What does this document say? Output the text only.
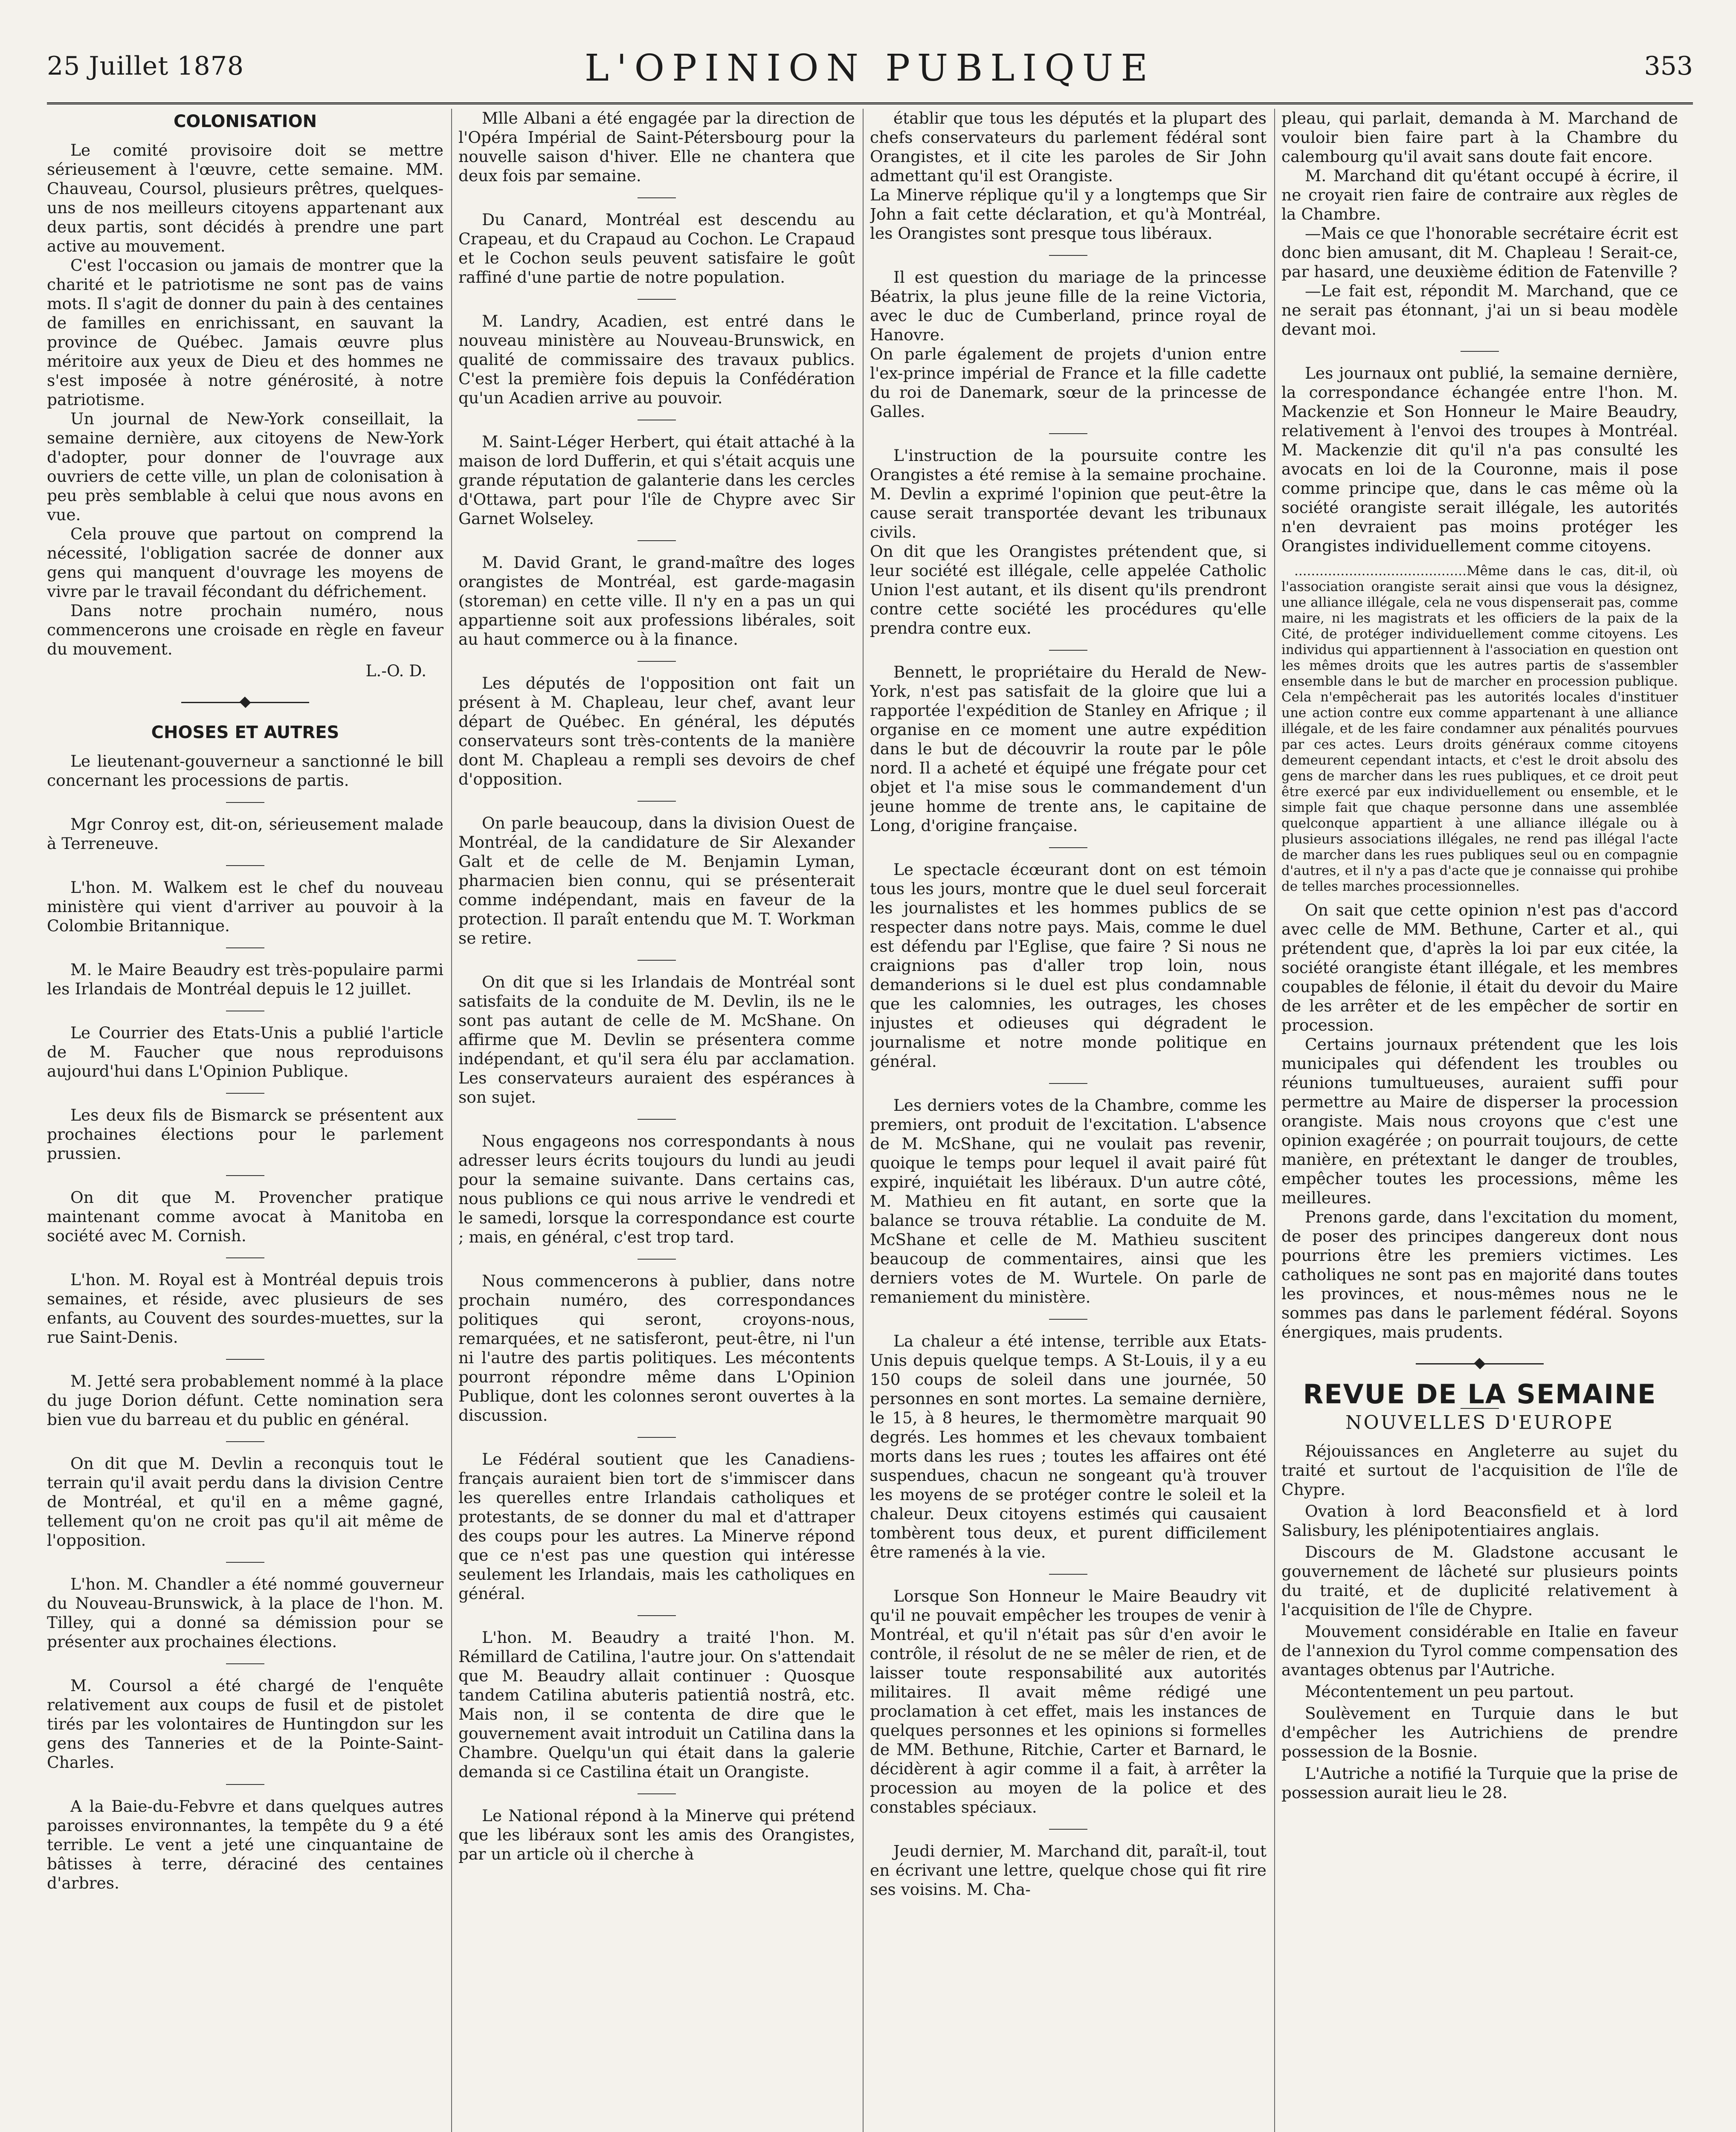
25 Juillet 1878	L'OPINION PUBLIQUE	353
COLONISATION

Le comité provisoire doit se mettre sérieusement à l'œuvre, cette semaine. MM. Chauveau, Coursol, plusieurs prêtres, quelques-uns de nos meilleurs citoyens appartenant aux deux partis, sont décidés à prendre une part active au mouvement.

C'est l'occasion ou jamais de montrer que la charité et le patriotisme ne sont pas de vains mots. Il s'agit de donner du pain à des centaines de familles en enrichissant, en sauvant la province de Québec. Jamais œuvre plus méritoire aux yeux de Dieu et des hommes ne s'est imposée à notre générosité, à notre patriotisme.

Un journal de New-York conseillait, la semaine dernière, aux citoyens de New-York d'adopter, pour donner de l'ouvrage aux ouvriers de cette ville, un plan de colonisation à peu près semblable à celui que nous avons en vue.

Cela prouve que partout on comprend la nécessité, l'obligation sacrée de donner aux gens qui manquent d'ouvrage les moyens de vivre par le travail fécondant du défrichement.

Dans notre prochain numéro, nous commencerons une croisade en règle en faveur du mouvement.

L.-O. D.
CHOSES ET AUTRES

Le lieutenant-gouverneur a sanctionné le bill concernant les processions de partis.

Mgr Conroy est, dit-on, sérieusement malade à Terreneuve.

L'hon. M. Walkem est le chef du nouveau ministère qui vient d'arriver au pouvoir à la Colombie Britannique.

M. le Maire Beaudry est très-populaire parmi les Irlandais de Montréal depuis le 12 juillet.

Le Courrier des Etats-Unis a publié l'article de M. Faucher que nous reproduisons aujourd'hui dans L'Opinion Publique.

Les deux fils de Bismarck se présentent aux prochaines élections pour le parlement prussien.

On dit que M. Provencher pratique maintenant comme avocat à Manitoba en société avec M. Cornish.

L'hon. M. Royal est à Montréal depuis trois semaines, et réside, avec plusieurs de ses enfants, au Couvent des sourdes-muettes, sur la rue Saint-Denis.

M. Jetté sera probablement nommé à la place du juge Dorion défunt. Cette nomination sera bien vue du barreau et du public en général.

On dit que M. Devlin a reconquis tout le terrain qu'il avait perdu dans la division Centre de Montréal, et qu'il en a même gagné, tellement qu'on ne croit pas qu'il ait même de l'opposition.

L'hon. M. Chandler a été nommé gouverneur du Nouveau-Brunswick, à la place de l'hon. M. Tilley, qui a donné sa démission pour se présenter aux prochaines élections.

M. Coursol a été chargé de l'enquête relativement aux coups de fusil et de pistolet tirés par les volontaires de Huntingdon sur les gens des Tanneries et de la Pointe-Saint-Charles.

A la Baie-du-Febvre et dans quelques autres paroisses environnantes, la tempête du 9 a été terrible. Le vent a jeté une cinquantaine de bâtisses à terre, déraciné des centaines d'arbres.

Mlle Albani a été engagée par la direction de l'Opéra Impérial de Saint-Pétersbourg pour la nouvelle saison d'hiver. Elle ne chantera que deux fois par semaine.

Du Canard, Montréal est descendu au Crapeau, et du Crapaud au Cochon. Le Crapaud et le Cochon seuls peuvent satisfaire le goût raffiné d'une partie de notre population.

M. Landry, Acadien, est entré dans le nouveau ministère au Nouveau-Brunswick, en qualité de commissaire des travaux publics. C'est la première fois depuis la Confédération qu'un Acadien arrive au pouvoir.

M. Saint-Léger Herbert, qui était attaché à la maison de lord Dufferin, et qui s'était acquis une grande réputation de galanterie dans les cercles d'Ottawa, part pour l'île de Chypre avec Sir Garnet Wolseley.

M. David Grant, le grand-maître des loges orangistes de Montréal, est garde-magasin (storeman) en cette ville. Il n'y en a pas un qui appartienne soit aux professions libérales, soit au haut commerce ou à la finance.

Les députés de l'opposition ont fait un présent à M. Chapleau, leur chef, avant leur départ de Québec. En général, les députés conservateurs sont très-contents de la manière dont M. Chapleau a rempli ses devoirs de chef d'opposition.

On parle beaucoup, dans la division Ouest de Montréal, de la candidature de Sir Alexander Galt et de celle de M. Benjamin Lyman, pharmacien bien connu, qui se présenterait comme indépendant, mais en faveur de la protection. Il paraît entendu que M. T. Workman se retire.

On dit que si les Irlandais de Montréal sont satisfaits de la conduite de M. Devlin, ils ne le sont pas autant de celle de M. McShane. On affirme que M. Devlin se présentera comme indépendant, et qu'il sera élu par acclamation. Les conservateurs auraient des espérances à son sujet.

Nous engageons nos correspondants à nous adresser leurs écrits toujours du lundi au jeudi pour la semaine suivante. Dans certains cas, nous publions ce qui nous arrive le vendredi et le samedi, lorsque la correspondance est courte ; mais, en général, c'est trop tard.

Nous commencerons à publier, dans notre prochain numéro, des correspondances politiques qui seront, croyons-nous, remarquées, et ne satisferont, peut-être, ni l'un ni l'autre des partis politiques. Les mécontents pourront répondre même dans L'Opinion Publique, dont les colonnes seront ouvertes à la discussion.

Le Fédéral soutient que les Canadiens-français auraient bien tort de s'immiscer dans les querelles entre Irlandais catholiques et protestants, de se donner du mal et d'attraper des coups pour les autres. La Minerve répond que ce n'est pas une question qui intéresse seulement les Irlandais, mais les catholiques en général.

L'hon. M. Beaudry a traité l'hon. M. Rémillard de Catilina, l'autre jour. On s'attendait que M. Beaudry allait continuer : Quosque tandem Catilina abuteris patientiâ nostrâ, etc. Mais non, il se contenta de dire que le gouvernement avait introduit un Catilina dans la Chambre. Quelqu'un qui était dans la galerie demanda si ce Castilina était un Orangiste.

Le National répond à la Minerve qui prétend que les libéraux sont les amis des Orangistes, par un article où il cherche à

établir que tous les députés et la plupart des chefs conservateurs du parlement fédéral sont Orangistes, et il cite les paroles de Sir John admettant qu'il est Orangiste.
La Minerve réplique qu'il y a longtemps que Sir John a fait cette déclaration, et qu'à Montréal, les Orangistes sont presque tous libéraux.

Il est question du mariage de la princesse Béatrix, la plus jeune fille de la reine Victoria, avec le duc de Cumberland, prince royal de Hanovre.
On parle également de projets d'union entre l'ex-prince impérial de France et la fille cadette du roi de Danemark, sœur de la princesse de Galles.

L'instruction de la poursuite contre les Orangistes a été remise à la semaine prochaine. M. Devlin a exprimé l'opinion que peut-être la cause serait transportée devant les tribunaux civils.
On dit que les Orangistes prétendent que, si leur société est illégale, celle appelée Catholic Union l'est autant, et ils disent qu'ils prendront contre cette société les procédures qu'elle prendra contre eux.

Bennett, le propriétaire du Herald de New-York, n'est pas satisfait de la gloire que lui a rapportée l'expédition de Stanley en Afrique ; il organise en ce moment une autre expédition dans le but de découvrir la route par le pôle nord. Il a acheté et équipé une frégate pour cet objet et l'a mise sous le commandement d'un jeune homme de trente ans, le capitaine de Long, d'origine française.

Le spectacle écœurant dont on est témoin tous les jours, montre que le duel seul forcerait les journalistes et les hommes publics de se respecter dans notre pays. Mais, comme le duel est défendu par l'Eglise, que faire ? Si nous ne craignions pas d'aller trop loin, nous demanderions si le duel est plus condamnable que les calomnies, les outrages, les choses injustes et odieuses qui dégradent le journalisme et notre monde politique en général.

Les derniers votes de la Chambre, comme les premiers, ont produit de l'excitation. L'absence de M. McShane, qui ne voulait pas revenir, quoique le temps pour lequel il avait pairé fût expiré, inquiétait les libéraux. D'un autre côté, M. Mathieu en fit autant, en sorte que la balance se trouva rétablie. La conduite de M. McShane et celle de M. Mathieu suscitent beaucoup de commentaires, ainsi que les derniers votes de M. Wurtele. On parle de remaniement du ministère.

La chaleur a été intense, terrible aux Etats-Unis depuis quelque temps. A St-Louis, il y a eu 150 coups de soleil dans une journée, 50 personnes en sont mortes. La semaine dernière, le 15, à 8 heures, le thermomètre marquait 90 degrés. Les hommes et les chevaux tombaient morts dans les rues ; toutes les affaires ont été suspendues, chacun ne songeant qu'à trouver les moyens de se protéger contre le soleil et la chaleur. Deux citoyens estimés qui causaient tombèrent tous deux, et purent difficilement être ramenés à la vie.

Lorsque Son Honneur le Maire Beaudry vit qu'il ne pouvait empêcher les troupes de venir à Montréal, et qu'il n'était pas sûr d'en avoir le contrôle, il résolut de ne se mêler de rien, et de laisser toute responsabilité aux autorités militaires. Il avait même rédigé une proclamation à cet effet, mais les instances de quelques personnes et les opinions si formelles de MM. Bethune, Ritchie, Carter et Barnard, le décidèrent à agir comme il a fait, à arrêter la procession au moyen de la police et des constables spéciaux.

Jeudi dernier, M. Marchand dit, paraît-il, tout en écrivant une lettre, quelque chose qui fit rire ses voisins. M. Cha-

pleau, qui parlait, demanda à M. Marchand de vouloir bien faire part à la Chambre du calembourg qu'il avait sans doute fait encore.

M. Marchand dit qu'étant occupé à écrire, il ne croyait rien faire de contraire aux règles de la Chambre.

—Mais ce que l'honorable secrétaire écrit est donc bien amusant, dit M. Chapleau ! Serait-ce, par hasard, une deuxième édition de Fatenville ?

—Le fait est, répondit M. Marchand, que ce ne serait pas étonnant, j'ai un si beau modèle devant moi.

Les journaux ont publié, la semaine dernière, la correspondance échangée entre l'hon. M. Mackenzie et Son Honneur le Maire Beaudry, relativement à l'envoi des troupes à Montréal. M. Mackenzie dit qu'il n'a pas consulté les avocats en loi de la Couronne, mais il pose comme principe que, dans le cas même où la société orangiste serait illégale, les autorités n'en devraient pas moins protéger les Orangistes individuellement comme citoyens.

.........................................Même dans le cas, dit-il, où l'association orangiste serait ainsi que vous la désignez, une alliance illégale, cela ne vous dispenserait pas, comme maire, ni les magistrats et les officiers de la paix de la Cité, de protéger individuellement comme citoyens. Les individus qui appartiennent à l'association en question ont les mêmes droits que les autres partis de s'assembler ensemble dans le but de marcher en procession publique. Cela n'empêcherait pas les autorités locales d'instituer une action contre eux comme appartenant à une alliance illégale, et de les faire condamner aux pénalités pourvues par ces actes. Leurs droits généraux comme citoyens demeurent cependant intacts, et c'est le droit absolu des gens de marcher dans les rues publiques, et ce droit peut être exercé par eux individuellement ou ensemble, et le simple fait que chaque personne dans une assemblée quelconque appartient à une alliance illégale ou à plusieurs associations illégales, ne rend pas illégal l'acte de marcher dans les rues publiques seul ou en compagnie d'autres, et il n'y a pas d'acte que je connaisse qui prohibe de telles marches processionnelles.

On sait que cette opinion n'est pas d'accord avec celle de MM. Bethune, Carter et al., qui prétendent que, d'après la loi par eux citée, la société orangiste étant illégale, et les membres coupables de félonie, il était du devoir du Maire de les arrêter et de les empêcher de sortir en procession.

Certains journaux prétendent que les lois municipales qui défendent les troubles ou réunions tumultueuses, auraient suffi pour permettre au Maire de disperser la procession orangiste. Mais nous croyons que c'est une opinion exagérée ; on pourrait toujours, de cette manière, en prétextant le danger de troubles, empêcher toutes les processions, même les meilleures.

Prenons garde, dans l'excitation du moment, de poser des principes dangereux dont nous pourrions être les premiers victimes. Les catholiques ne sont pas en majorité dans toutes les provinces, et nous-mêmes nous ne le sommes pas dans le parlement fédéral. Soyons énergiques, mais prudents.

REVUE DE LA SEMAINE
NOUVELLES D'EUROPE

Réjouissances en Angleterre au sujet du traité et surtout de l'acquisition de l'île de Chypre.

Ovation à lord Beaconsfield et à lord Salisbury, les plénipotentiaires anglais.

Discours de M. Gladstone accusant le gouvernement de lâcheté sur plusieurs points du traité, et de duplicité relativement à l'acquisition de l'île de Chypre.

Mouvement considérable en Italie en faveur de l'annexion du Tyrol comme compensation des avantages obtenus par l'Autriche.

Mécontentement un peu partout.

Soulèvement en Turquie dans le but d'empêcher les Autrichiens de prendre possession de la Bosnie.

L'Autriche a notifié la Turquie que la prise de possession aurait lieu le 28.
